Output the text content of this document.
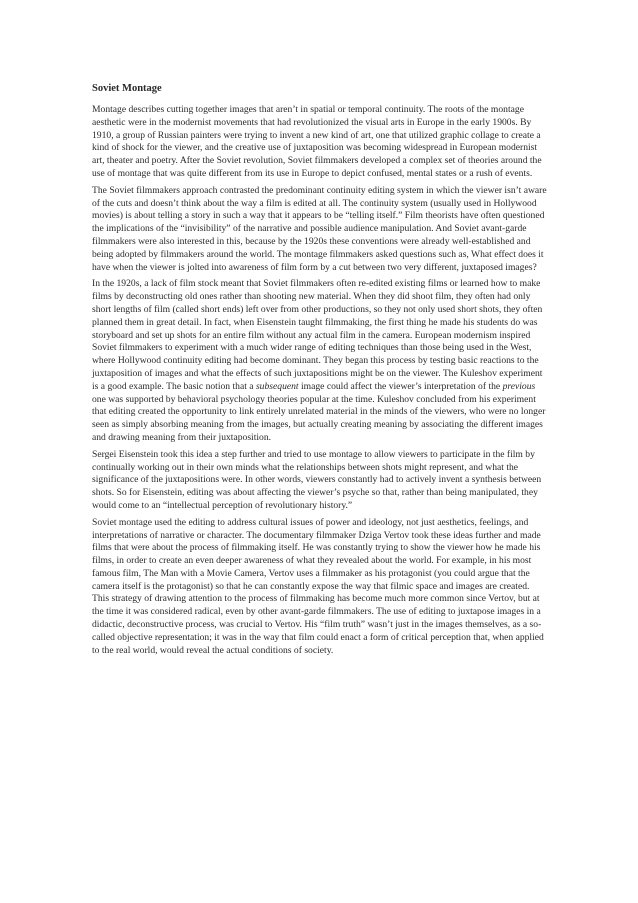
Soviet Montage

Montage describes cutting together images that aren’t in spatial or temporal continuity. The roots of the montage aesthetic were in the modernist movements that had revolutionized the visual arts in Europe in the early 1900s. By 1910, a group of Russian painters were trying to invent a new kind of art, one that utilized graphic collage to create a kind of shock for the viewer, and the creative use of juxtaposition was becoming widespread in European modernist art, theater and poetry. After the Soviet revolution, Soviet filmmakers developed a complex set of theories around the use of montage that was quite different from its use in Europe to depict confused, mental states or a rush of events.

The Soviet filmmakers approach contrasted the predominant continuity editing system in which the viewer isn’t aware of the cuts and doesn’t think about the way a film is edited at all. The continuity system (usually used in Hollywood movies) is about telling a story in such a way that it appears to be “telling itself.” Film theorists have often questioned the implications of the “invisibility” of the narrative and possible audience manipulation. And Soviet avant-garde filmmakers were also interested in this, because by the 1920s these conventions were already well-established and being adopted by filmmakers around the world. The montage filmmakers asked questions such as, What effect does it have when the viewer is jolted into awareness of film form by a cut between two very different, juxtaposed images?

In the 1920s, a lack of film stock meant that Soviet filmmakers often re-edited existing films or learned how to make films by deconstructing old ones rather than shooting new material. When they did shoot film, they often had only short lengths of film (called short ends) left over from other productions, so they not only used short shots, they often planned them in great detail. In fact, when Eisenstein taught filmmaking, the first thing he made his students do was storyboard and set up shots for an entire film without any actual film in the camera. European modernism inspired Soviet filmmakers to experiment with a much wider range of editing techniques than those being used in the West, where Hollywood continuity editing had become dominant. They began this process by testing basic reactions to the juxtaposition of images and what the effects of such juxtapositions might be on the viewer. The Kuleshov experiment is a good example. The basic notion that a subsequent image could affect the viewer’s interpretation of the previous one was supported by behavioral psychology theories popular at the time. Kuleshov concluded from his experiment that editing created the opportunity to link entirely unrelated material in the minds of the viewers, who were no longer seen as simply absorbing meaning from the images, but actually creating meaning by associating the different images and drawing meaning from their juxtaposition.

Sergei Eisenstein took this idea a step further and tried to use montage to allow viewers to participate in the film by continually working out in their own minds what the relationships between shots might represent, and what the significance of the juxtapositions were. In other words, viewers constantly had to actively invent a synthesis between shots. So for Eisenstein, editing was about affecting the viewer’s psyche so that, rather than being manipulated, they would come to an “intellectual perception of revolutionary history.”

Soviet montage used the editing to address cultural issues of power and ideology, not just aesthetics, feelings, and interpretations of narrative or character. The documentary filmmaker Dziga Vertov took these ideas further and made films that were about the process of filmmaking itself. He was constantly trying to show the viewer how he made his films, in order to create an even deeper awareness of what they revealed about the world. For example, in his most famous film, The Man with a Movie Camera, Vertov uses a filmmaker as his protagonist (you could argue that the camera itself is the protagonist) so that he can constantly expose the way that filmic space and images are created. This strategy of drawing attention to the process of filmmaking has become much more common since Vertov, but at the time it was considered radical, even by other avant-garde filmmakers. The use of editing to juxtapose images in a didactic, deconstructive process, was crucial to Vertov. His “film truth” wasn’t just in the images themselves, as a so-called objective representation; it was in the way that film could enact a form of critical perception that, when applied to the real world, would reveal the actual conditions of society.
